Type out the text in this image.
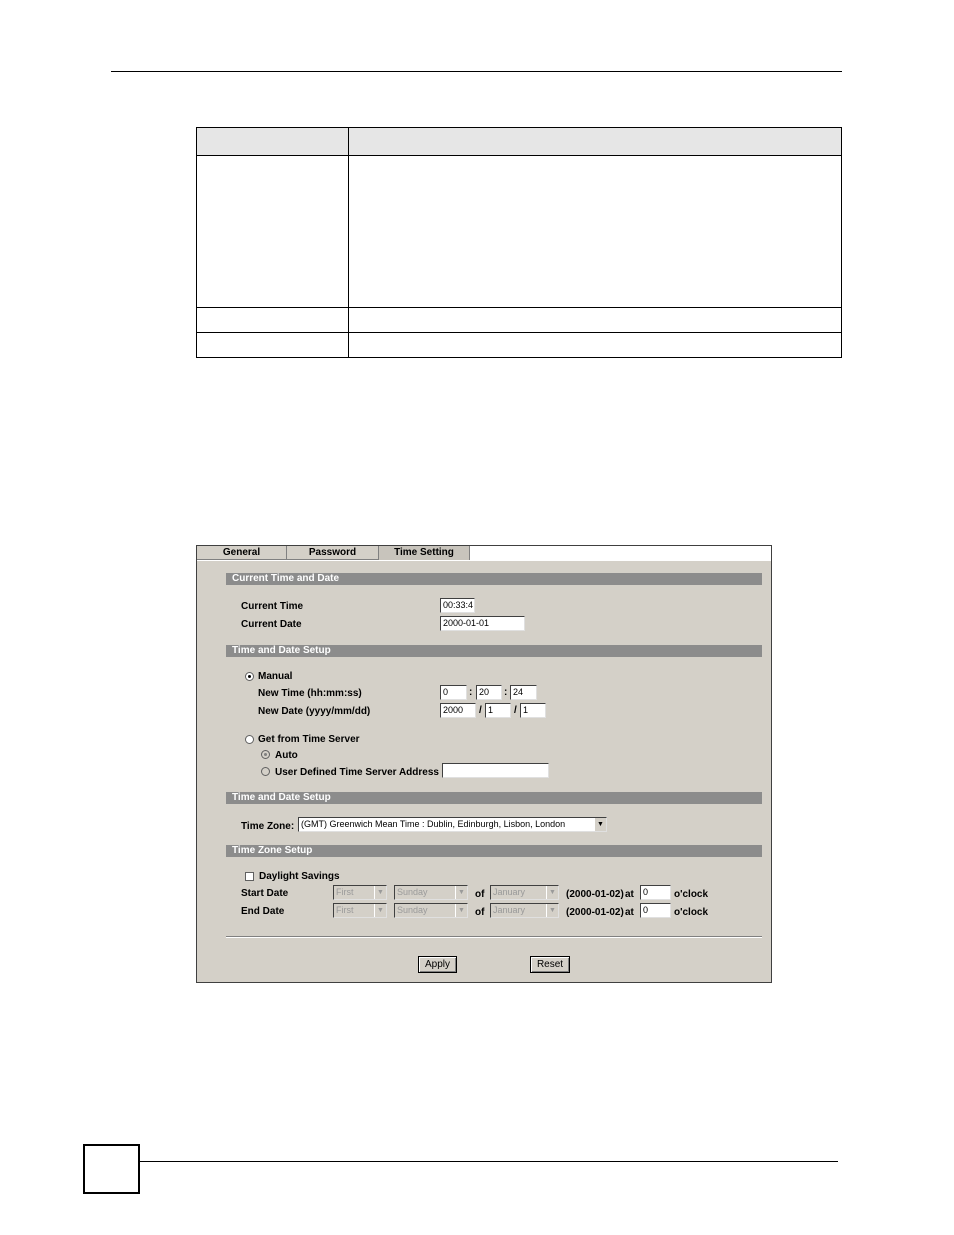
General	Password	Time Setting
Current Time and Date
Current Time	00:33:4
Current Date	2000-01-01
Time and Date Setup
Manual
New Time (hh:mm:ss)	0	: 20	: 24
New Date (yyyy/mm/dd)	2000	/ 1	/ 1
Get from Time Server
Auto
User Defined Time Server Address
Time and Date Setup
Time Zone: (GMT) Greenwich Mean Time : Dublin, Edinburgh, Lisbon, London	▼
Time Zone Setup
Daylight Savings
Start Date	First	▼	Sunday	▼ of January	▼ (2000-01-02) at	0	o'clock
End Date	First	▼	Sunday	▼ of January	▼ (2000-01-02) at	0	o'clock
Apply	Reset
